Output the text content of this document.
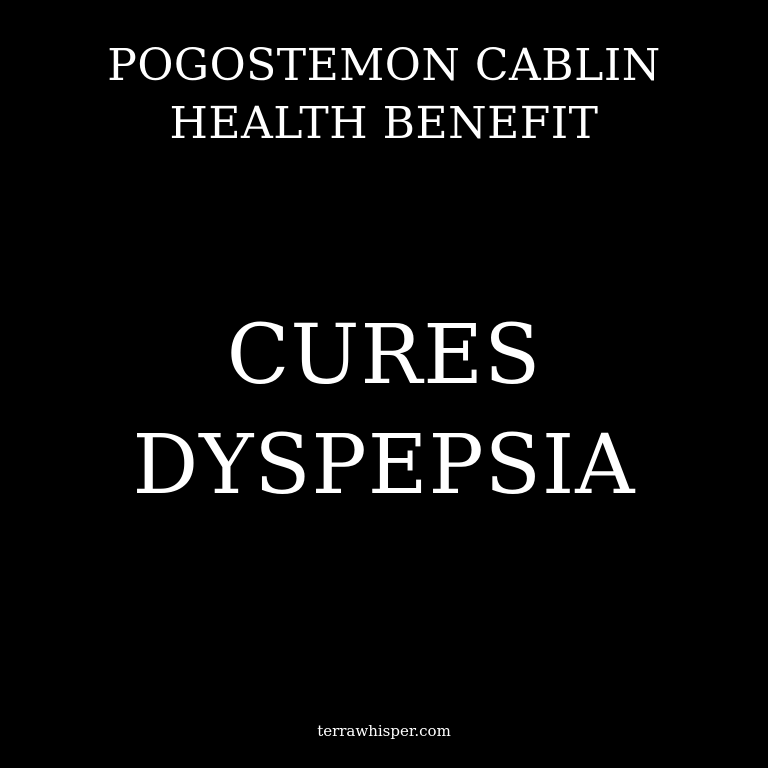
POGOSTEMON CABLIN
HEALTH BENEFIT
CURES
DYSPEPSIA

terrawhisper.com
